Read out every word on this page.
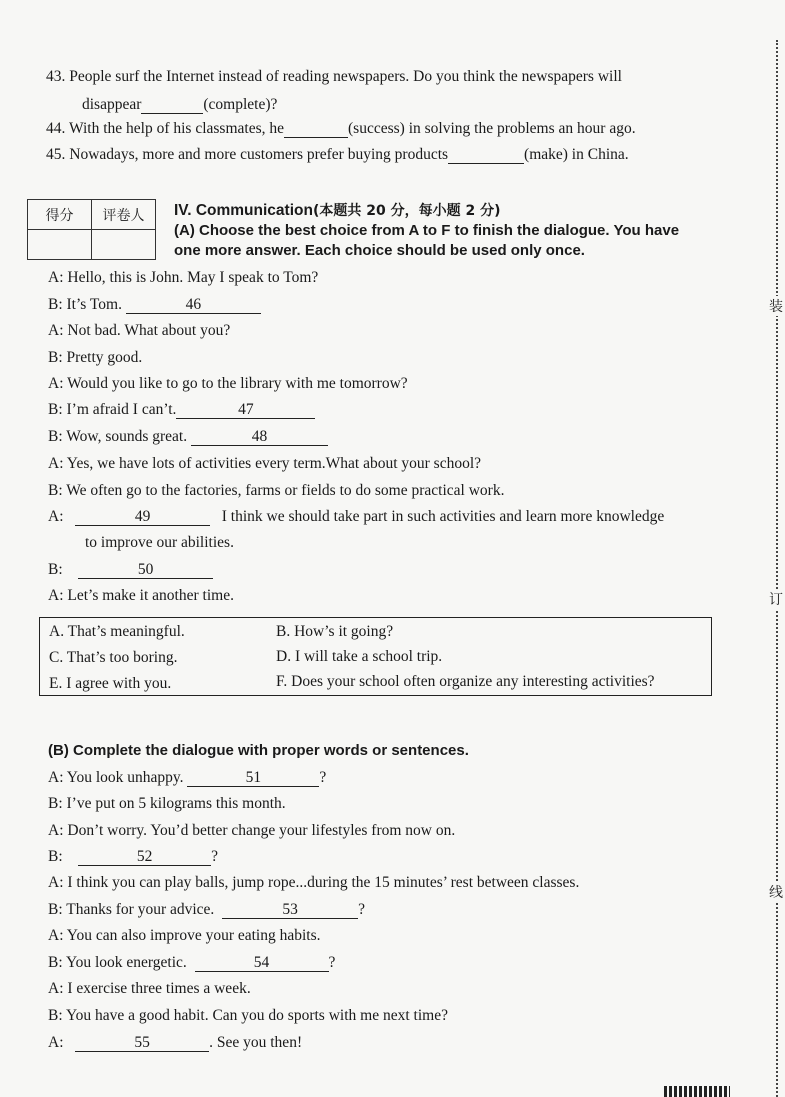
43. People surf the Internet instead of reading newspapers. Do you think the newspapers will
disappear	(complete)?
44. With the help of his classmates, he	(success) in solving the problems an hour ago.
45. Nowadays, more and more customers prefer buying products	(make) in China.
得分	评卷人
	IV. Communication(本题共 20 分，每小题 2 分)
(A) Choose the best choice from A to F to finish the dialogue. You have
one more answer. Each choice should be used only once.
A: Hello, this is John. May I speak to Tom?
B: It’s Tom.	46
A: Not bad. What about you?
B: Pretty good.
A: Would you like to go to the library with me tomorrow?
B: I’m afraid I can’t.	47
B: Wow, sounds great.	48
A: Yes, we have lots of activities every term.What about your school?
B: We often go to the factories, farms or fields to do some practical work.
A:	49	I think we should take part in such activities and learn more knowledge
to improve our abilities.
B:	50
A: Let’s make it another time.
A. That’s meaningful.	B. How’s it going?
C. That’s too boring.	D. I will take a school trip.
E. I agree with you.	F. Does your school often organize any interesting activities?
(B) Complete the dialogue with proper words or sentences.
A: You look unhappy.	51	?
B: I’ve put on 5 kilograms this month.
A: Don’t worry. You’d better change your lifestyles from now on.
B:	52	?
A: I think you can play balls, jump rope...during the 15 minutes’ rest between classes.
B: Thanks for your advice.	53	?
A: You can also improve your eating habits.
B: You look energetic.	54	?
A: I exercise three times a week.
B: You have a good habit. Can you do sports with me next time?
A:	55	. See you then!
装
订
线
